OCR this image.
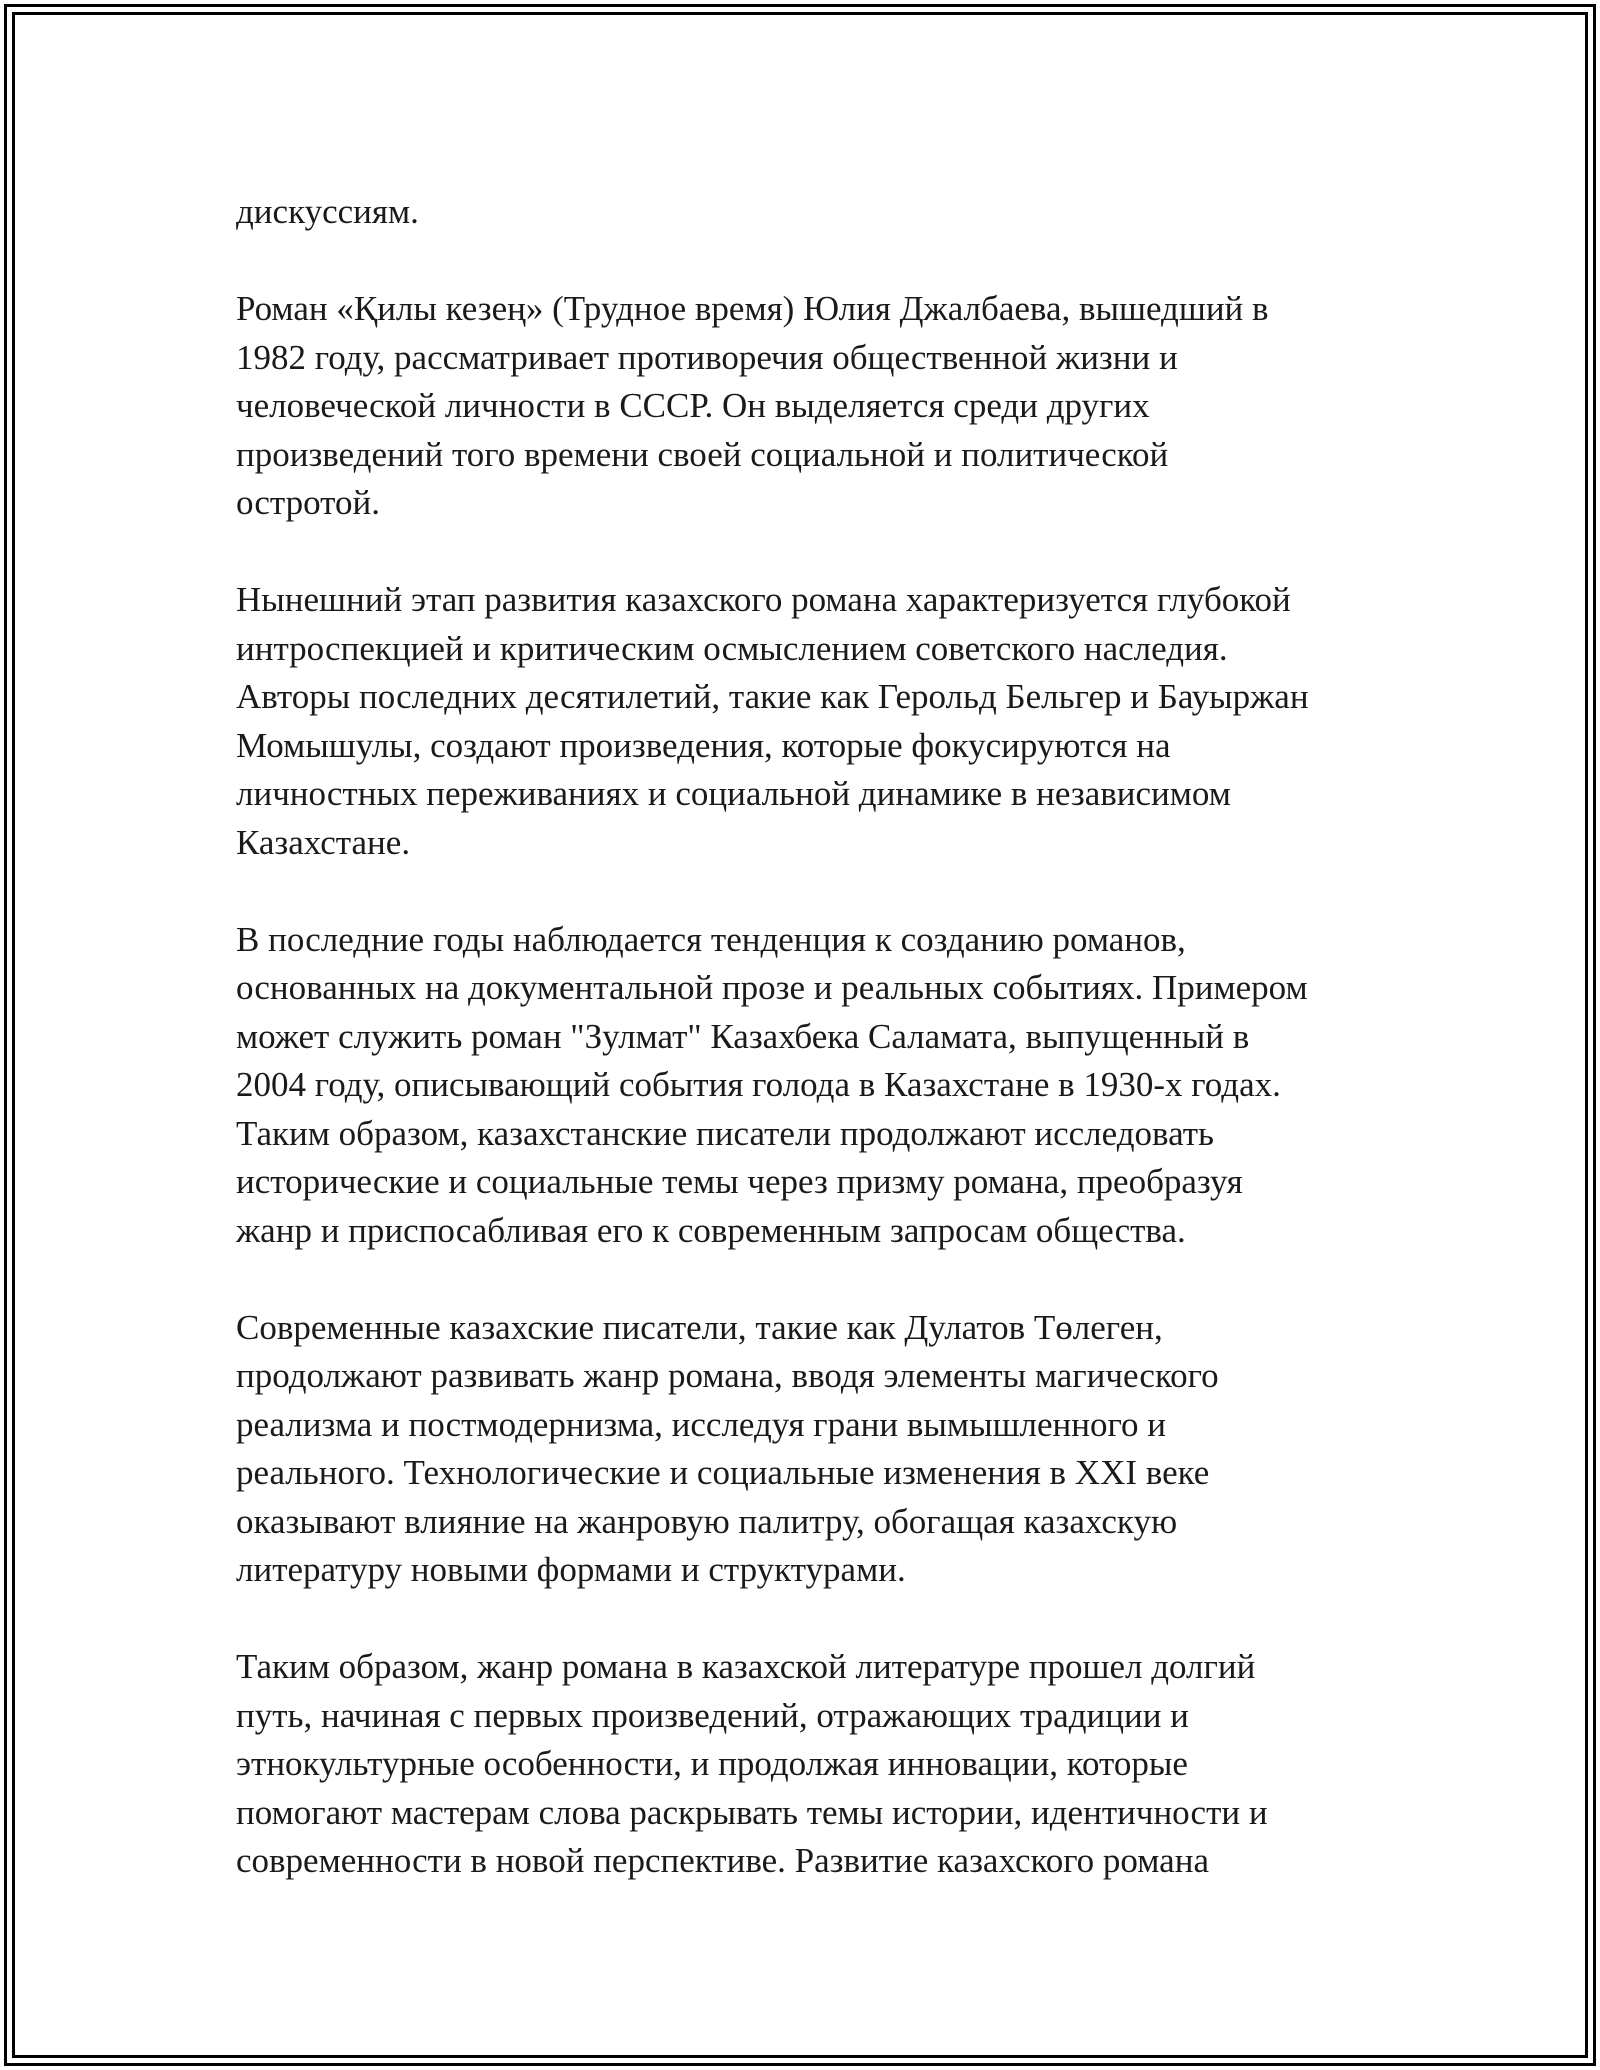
дискуссиям.

Роман «Қилы кезең» (Трудное время) Юлия Джалбаева, вышедший в
1982 году, рассматривает противоречия общественной жизни и
человеческой личности в СССР. Он выделяется среди других
произведений того времени своей социальной и политической
остротой.

Нынешний этап развития казахского романа характеризуется глубокой
интроспекцией и критическим осмыслением советского наследия.
Авторы последних десятилетий, такие как Герольд Бельгер и Бауыржан
Момышулы, создают произведения, которые фокусируются на
личностных переживаниях и социальной динамике в независимом
Казахстане.

В последние годы наблюдается тенденция к созданию романов,
основанных на документальной прозе и реальных событиях. Примером
может служить роман "Зулмат" Казахбека Саламата, выпущенный в
2004 году, описывающий события голода в Казахстане в 1930-х годах.
Таким образом, казахстанские писатели продолжают исследовать
исторические и социальные темы через призму романа, преобразуя
жанр и приспосабливая его к современным запросам общества.

Современные казахские писатели, такие как Дулатов Төлеген,
продолжают развивать жанр романа, вводя элементы магического
реализма и постмодернизма, исследуя грани вымышленного и
реального. Технологические и социальные изменения в XXI веке
оказывают влияние на жанровую палитру, обогащая казахскую
литературу новыми формами и структурами.

Таким образом, жанр романа в казахской литературе прошел долгий
путь, начиная с первых произведений, отражающих традиции и
этнокультурные особенности, и продолжая инновации, которые
помогают мастерам слова раскрывать темы истории, идентичности и
современности в новой перспективе. Развитие казахского романа
